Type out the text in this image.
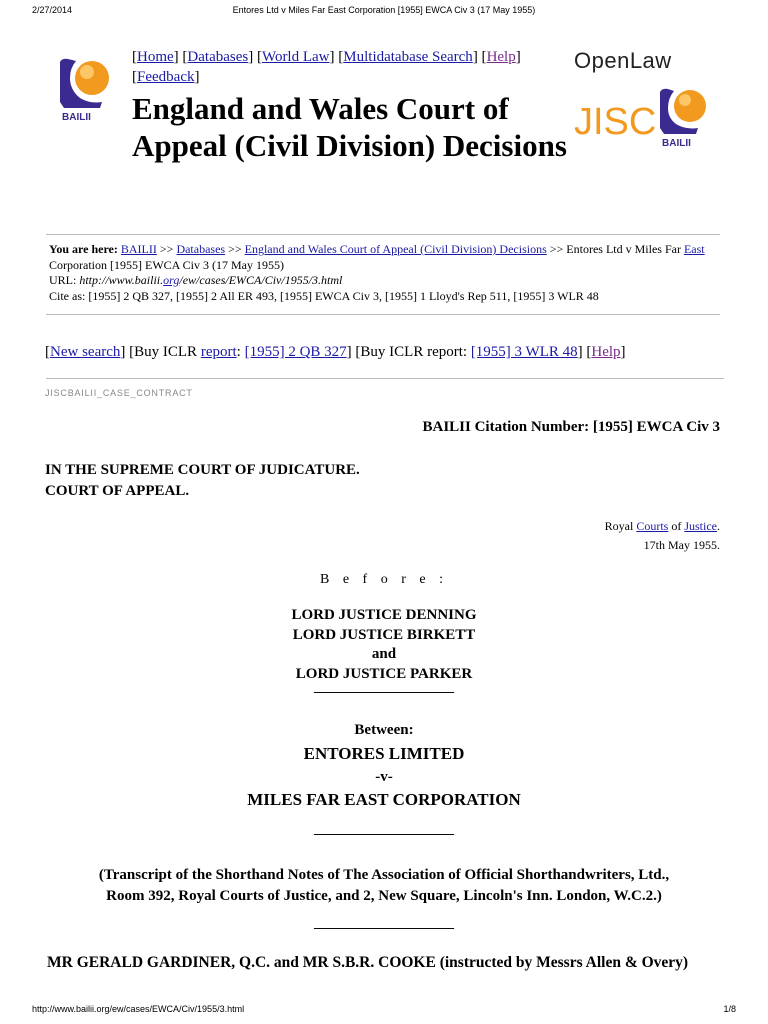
2/27/2014	Entores Ltd v Miles Far East Corporation [1955] EWCA Civ 3 (17 May 1955)
BAILII
[Home] [Databases] [World Law] [Multidatabase Search] [Help]
[Feedback]
England and Wales Court of Appeal (Civil Division) Decisions
OpenLaw
JISC
BAILII
You are here: BAILII >> Databases >> England and Wales Court of Appeal (Civil Division) Decisions >> Entores Ltd v Miles Far East Corporation [1955] EWCA Civ 3 (17 May 1955)
URL: http://www.bailii.org/ew/cases/EWCA/Civ/1955/3.html
Cite as: [1955] 2 QB 327, [1955] 2 All ER 493, [1955] EWCA Civ 3, [1955] 1 Lloyd's Rep 511, [1955] 3 WLR 48
[New search] [Buy ICLR report: [1955] 2 QB 327] [Buy ICLR report: [1955] 3 WLR 48] [Help]
JISCBAILII_CASE_CONTRACT
BAILII Citation Number: [1955] EWCA Civ 3
IN THE SUPREME COURT OF JUDICATURE.
COURT OF APPEAL.
Royal Courts of Justice.
17th May 1955.
B e f o r e :
LORD JUSTICE DENNING
LORD JUSTICE BIRKETT
and
LORD JUSTICE PARKER
____________________
Between:
ENTORES LIMITED
-v-
MILES FAR EAST CORPORATION
____________________
(Transcript of the Shorthand Notes of The Association of Official Shorthandwriters, Ltd.,
Room 392, Royal Courts of Justice, and 2, New Square, Lincoln's Inn. London, W.C.2.)
____________________
MR GERALD GARDINER, Q.C. and MR S.B.R. COOKE (instructed by Messrs Allen & Overy)
http://www.bailii.org/ew/cases/EWCA/Civ/1955/3.html	1/8
